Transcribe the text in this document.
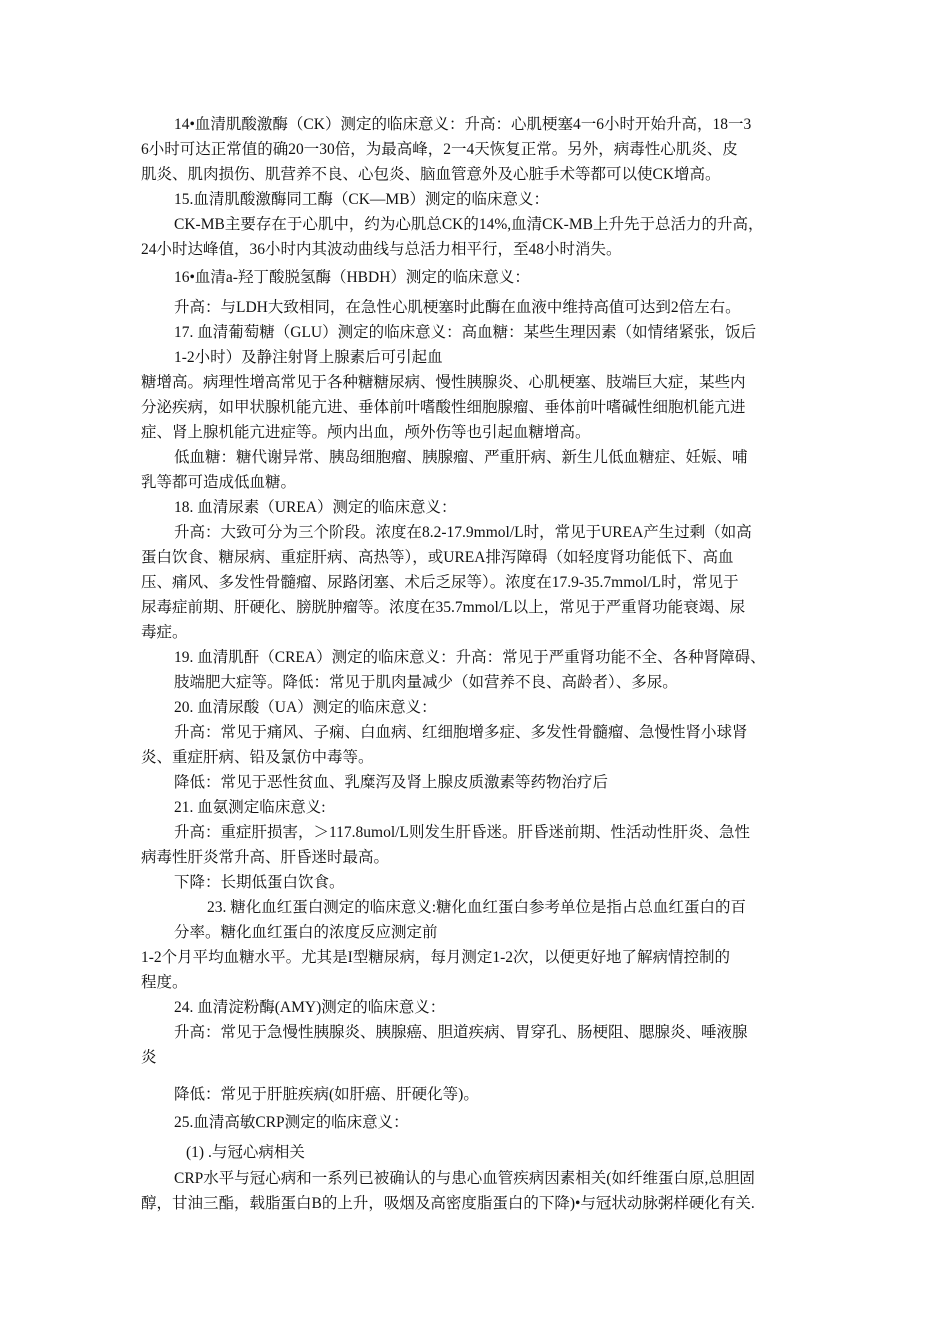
14•血清肌酸激酶（CK）测定的临床意义：升高：心肌梗塞4一6小时开始升高，18一3
6小时可达正常值的确20一30倍，为最高峰，2一4天恢复正常。另外，病毒性心肌炎、皮
肌炎、肌肉损伤、肌营养不良、心包炎、脑血管意外及心脏手术等都可以使CK增高。
15.血清肌酸激酶同工酶（CK—MB）测定的临床意义：
CK-MB主要存在于心肌中，约为心肌总CK的14%,血清CK-MB上升先于总活力的升高，
24小时达峰值，36小时内其波动曲线与总活力相平行，至48小时消失。
16•血清a-羟丁酸脱氢酶（HBDH）测定的临床意义：
升高：与LDH大致相同，在急性心肌梗塞时此酶在血液中维持高值可达到2倍左右。
17. 血清葡萄糖（GLU）测定的临床意义：高血糖：某些生理因素（如情绪紧张，饭后
1-2小时）及静注射肾上腺素后可引起血
糖增高。病理性增高常见于各种糖糖尿病、慢性胰腺炎、心肌梗塞、肢端巨大症，某些内
分泌疾病，如甲状腺机能亢进、垂体前叶嗜酸性细胞腺瘤、垂体前叶嗜碱性细胞机能亢进
症、肾上腺机能亢进症等。颅内出血，颅外伤等也引起血糖增高。
低血糖：糖代谢异常、胰岛细胞瘤、胰腺瘤、严重肝病、新生儿低血糖症、妊娠、哺
乳等都可造成低血糖。
18. 血清尿素（UREA）测定的临床意义：
升高：大致可分为三个阶段。浓度在8.2-17.9mmol/L时，常见于UREA产生过剩（如高
蛋白饮食、糖尿病、重症肝病、高热等），或UREA排泻障碍（如轻度肾功能低下、高血
压、痛风、多发性骨髓瘤、尿路闭塞、术后乏尿等）。浓度在17.9-35.7mmol/L时，常见于
尿毒症前期、肝硬化、膀胱肿瘤等。浓度在35.7mmol/L以上，常见于严重肾功能衰竭、尿
毒症。
19. 血清肌酐（CREA）测定的临床意义：升高：常见于严重肾功能不全、各种肾障碍、
肢端肥大症等。降低：常见于肌肉量减少（如营养不良、高龄者）、多尿。
20. 血清尿酸（UA）测定的临床意义：
升高：常见于痛风、子痫、白血病、红细胞增多症、多发性骨髓瘤、急慢性肾小球肾
炎、重症肝病、铅及氯仿中毒等。
降低：常见于恶性贫血、乳糜泻及肾上腺皮质激素等药物治疗后
21. 血氨测定临床意义:
升高：重症肝损害，＞117.8umol/L则发生肝昏迷。肝昏迷前期、性活动性肝炎、急性
病毒性肝炎常升高、肝昏迷时最高。
下降：长期低蛋白饮食。
23. 糖化血红蛋白测定的临床意义:糖化血红蛋白参考单位是指占总血红蛋白的百
分率。糖化血红蛋白的浓度反应测定前
1-2个月平均血糖水平。尤其是I型糖尿病，每月测定1-2次，以便更好地了解病情控制的
程度。
24. 血清淀粉酶(AMY)测定的临床意义：
升高：常见于急慢性胰腺炎、胰腺癌、胆道疾病、胃穿孔、肠梗阻、腮腺炎、唾液腺
炎
降低：常见于肝脏疾病(如肝癌、肝硬化等)。
25.血清高敏CRP测定的临床意义：
(1) .与冠心病相关
CRP水平与冠心病和一系列已被确认的与患心血管疾病因素相关(如纤维蛋白原,总胆固
醇，甘油三酯，载脂蛋白B的上升，吸烟及高密度脂蛋白的下降)•与冠状动脉粥样硬化有关.
